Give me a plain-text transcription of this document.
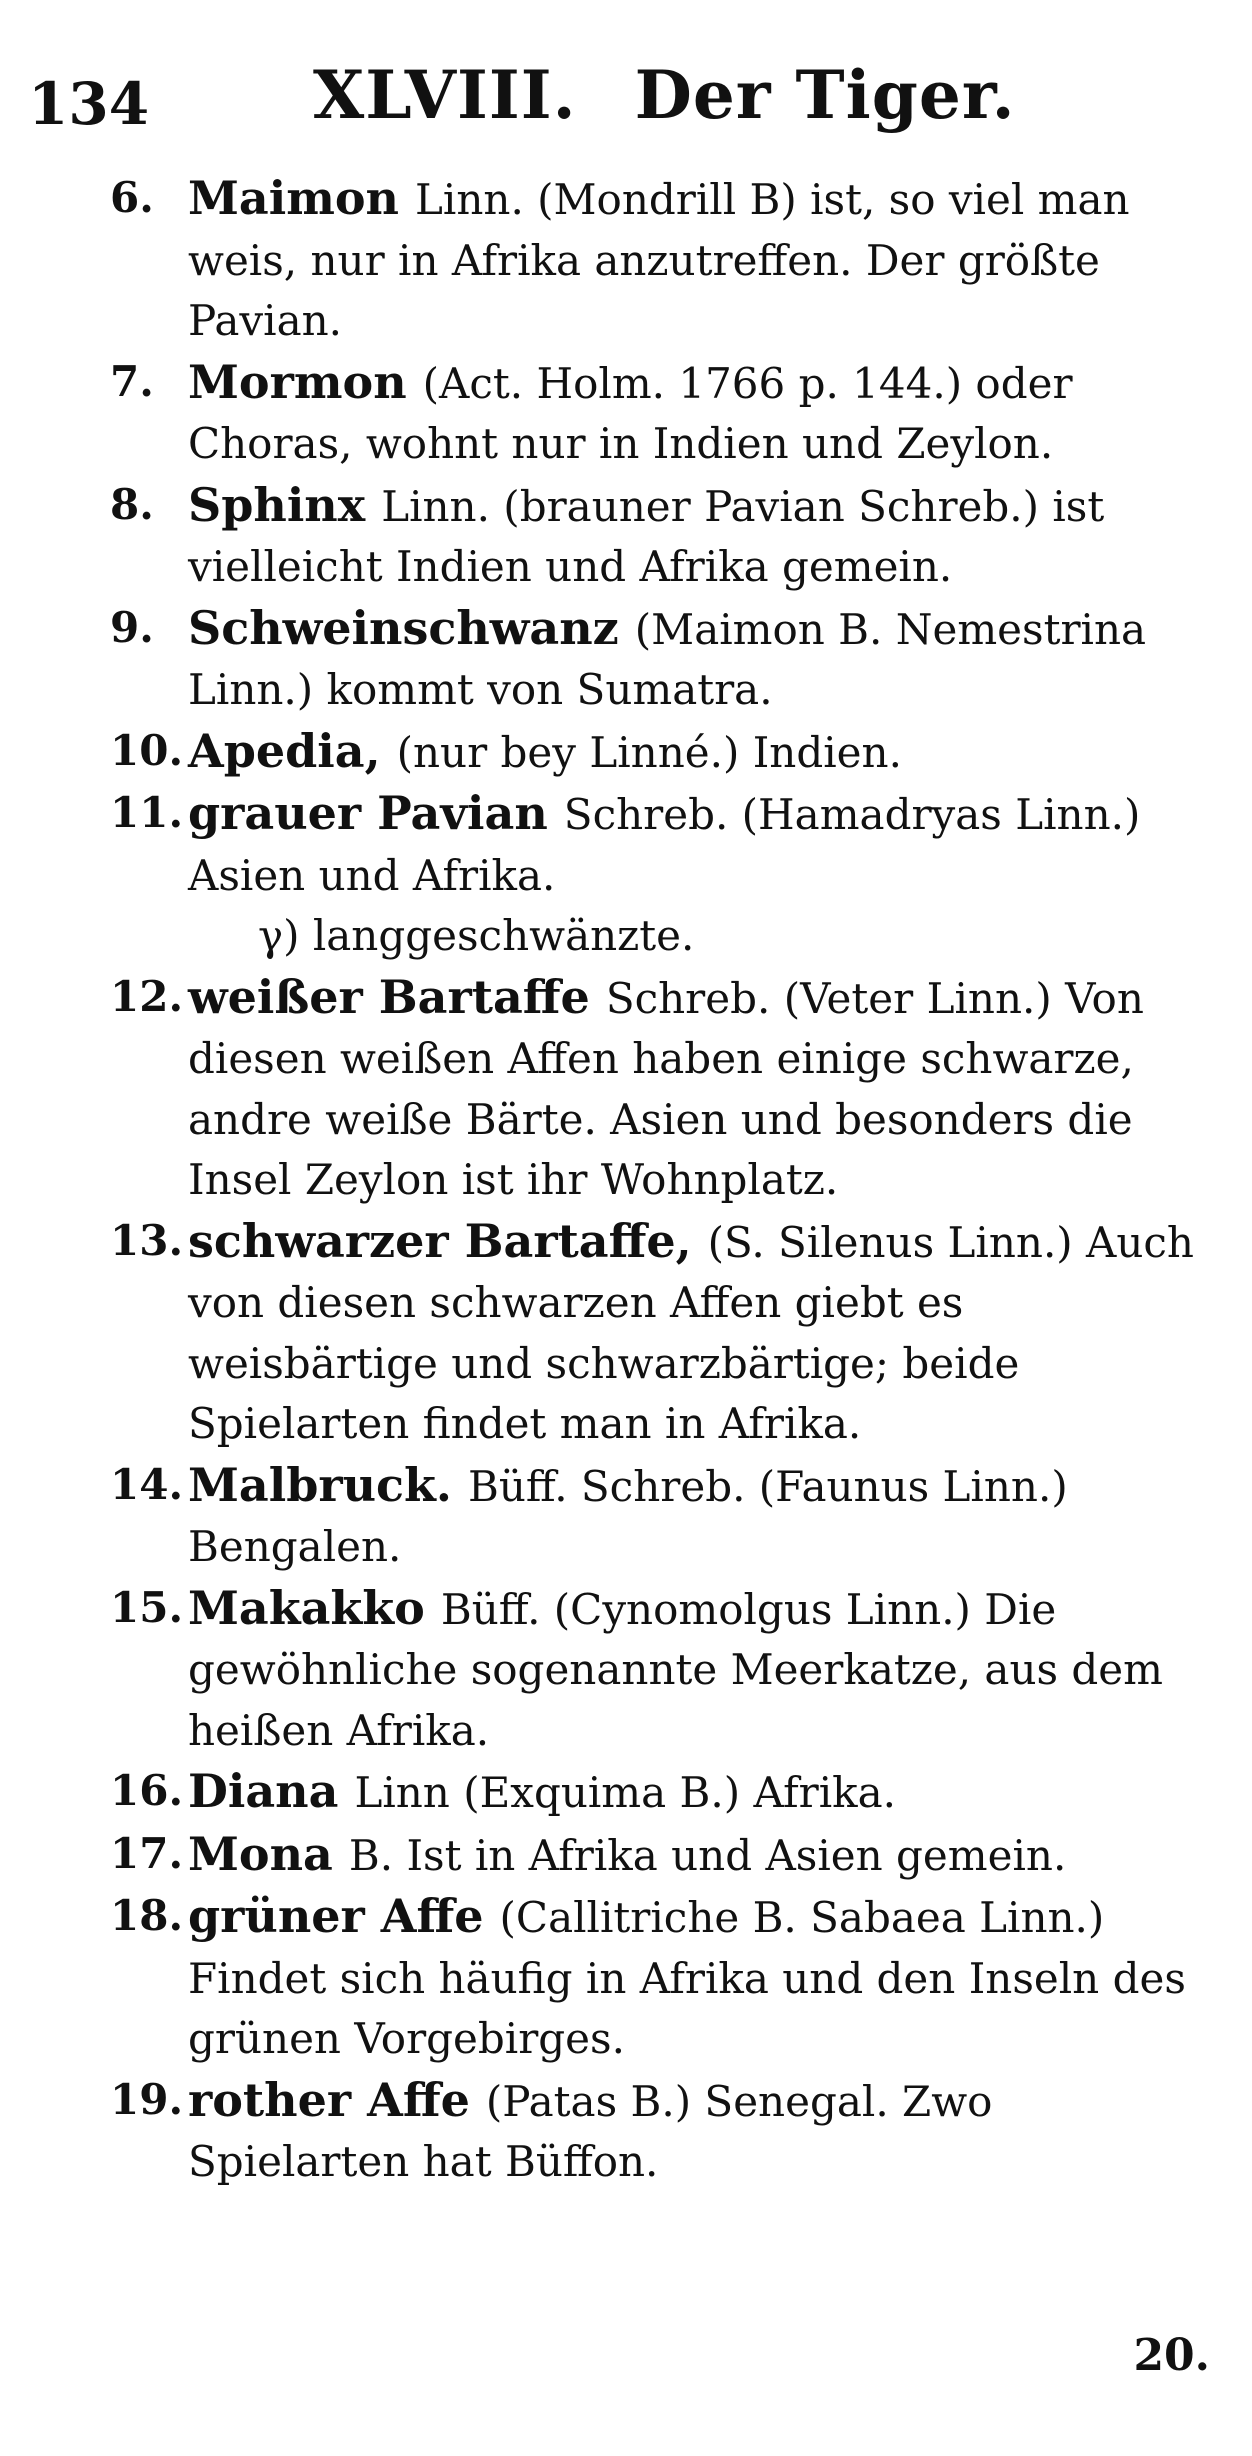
134 XLVIII. Der Tiger.
6. Maimon Linn. (Mondrill B) ist, so viel man weis, nur in Afrika anzutreffen. Der größte Pavian.
7. Mormon (Act. Holm. 1766 p. 144.) oder Choras, wohnt nur in Indien und Zeylon.
8. Sphinx Linn. (brauner Pavian Schreb.) ist vielleicht Indien und Afrika gemein.
9. Schweinschwanz (Maimon B. Nemestrina Linn.) kommt von Sumatra.
10. Apedia, (nur bey Linné.) Indien.
11. grauer Pavian Schreb. (Hamadryas Linn.) Asien und Afrika.
γ) langgeschwänzte.
12. weißer Bartaffe Schreb. (Veter Linn.) Von diesen weißen Affen haben einige schwarze, andre weiße Bärte. Asien und besonders die Insel Zeylon ist ihr Wohnplatz.
13. schwarzer Bartaffe, (S. Silenus Linn.) Auch von diesen schwarzen Affen giebt es weisbärtige und schwarzbärtige; beide Spielarten findet man in Afrika.
14. Malbruck. Büff. Schreb. (Faunus Linn.) Bengalen.
15. Makakko Büff. (Cynomolgus Linn.) Die gewöhnliche sogenannte Meerkatze, aus dem heißen Afrika.
16. Diana Linn (Exquima B.) Afrika.
17. Mona B. Ist in Afrika und Asien gemein.
18. grüner Affe (Callitriche B. Sabaea Linn.) Findet sich häufig in Afrika und den Inseln des grünen Vorgebirges.
19. rother Affe (Patas B.) Senegal. Zwo Spielarten hat Büffon.
20.
